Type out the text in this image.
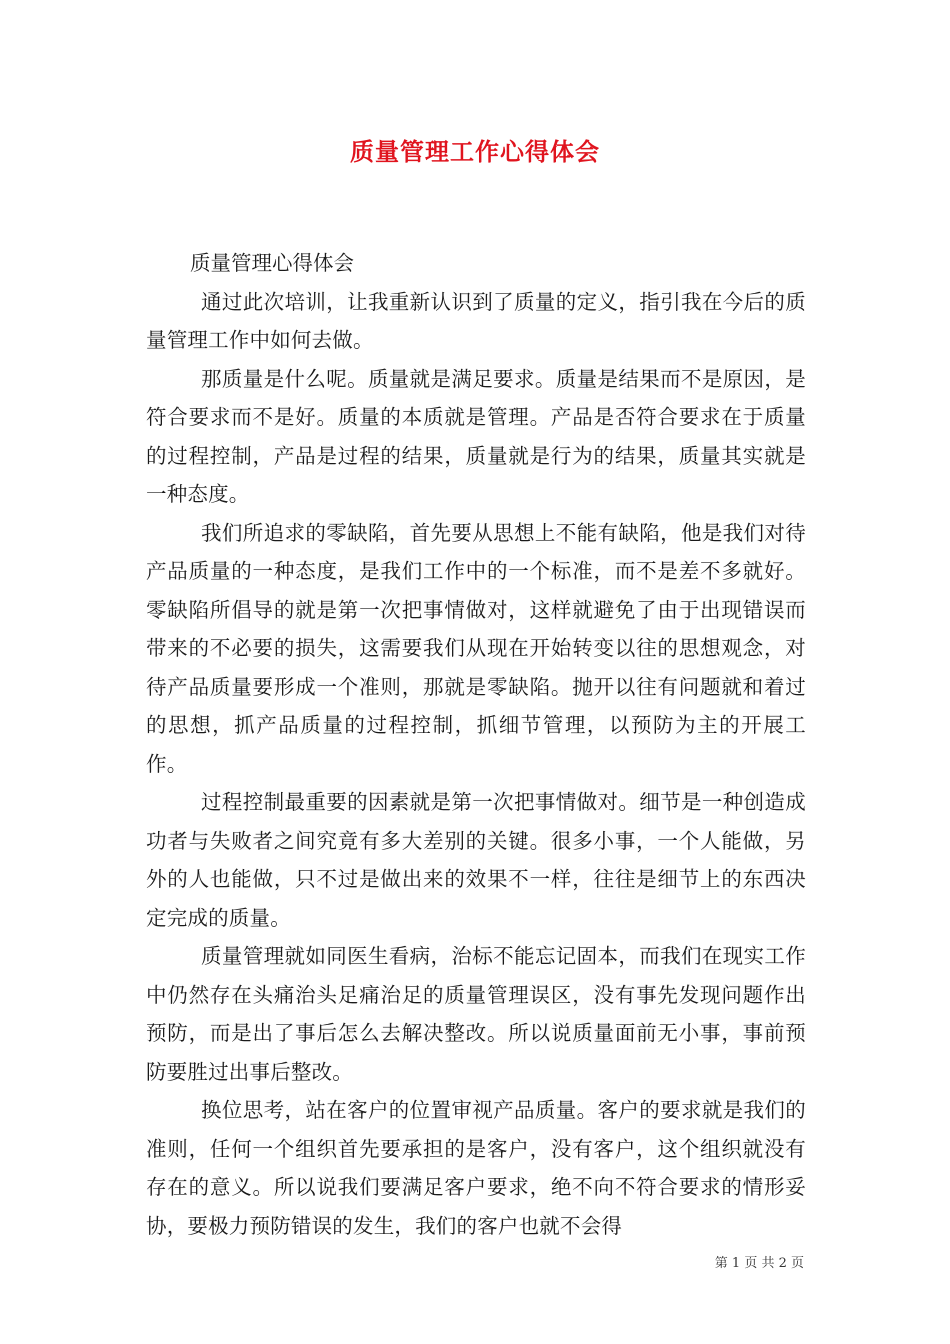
质量管理工作心得体会

质量管理心得体会

通过此次培训，让我重新认识到了质量的定义，指引我在今后的质量管理工作中如何去做。

那质量是什么呢。质量就是满足要求。质量是结果而不是原因，是符合要求而不是好。质量的本质就是管理。产品是否符合要求在于质量的过程控制，产品是过程的结果，质量就是行为的结果，质量其实就是一种态度。

我们所追求的零缺陷，首先要从思想上不能有缺陷，他是我们对待产品质量的一种态度，是我们工作中的一个标准，而不是差不多就好。零缺陷所倡导的就是第一次把事情做对，这样就避免了由于出现错误而带来的不必要的损失，这需要我们从现在开始转变以往的思想观念，对待产品质量要形成一个准则，那就是零缺陷。抛开以往有问题就和着过的思想，抓产品质量的过程控制，抓细节管理，以预防为主的开展工作。

过程控制最重要的因素就是第一次把事情做对。细节是一种创造成功者与失败者之间究竟有多大差别的关键。很多小事，一个人能做，另外的人也能做，只不过是做出来的效果不一样，往往是细节上的东西决定完成的质量。

质量管理就如同医生看病，治标不能忘记固本，而我们在现实工作中仍然存在头痛治头足痛治足的质量管理误区，没有事先发现问题作出预防，而是出了事后怎么去解决整改。所以说质量面前无小事，事前预防要胜过出事后整改。

换位思考，站在客户的位置审视产品质量。客户的要求就是我们的准则，任何一个组织首先要承担的是客户，没有客户，这个组织就没有存在的意义。所以说我们要满足客户要求，绝不向不符合要求的情形妥协，要极力预防错误的发生，我们的客户也就不会得

第 1 页 共 2 页
